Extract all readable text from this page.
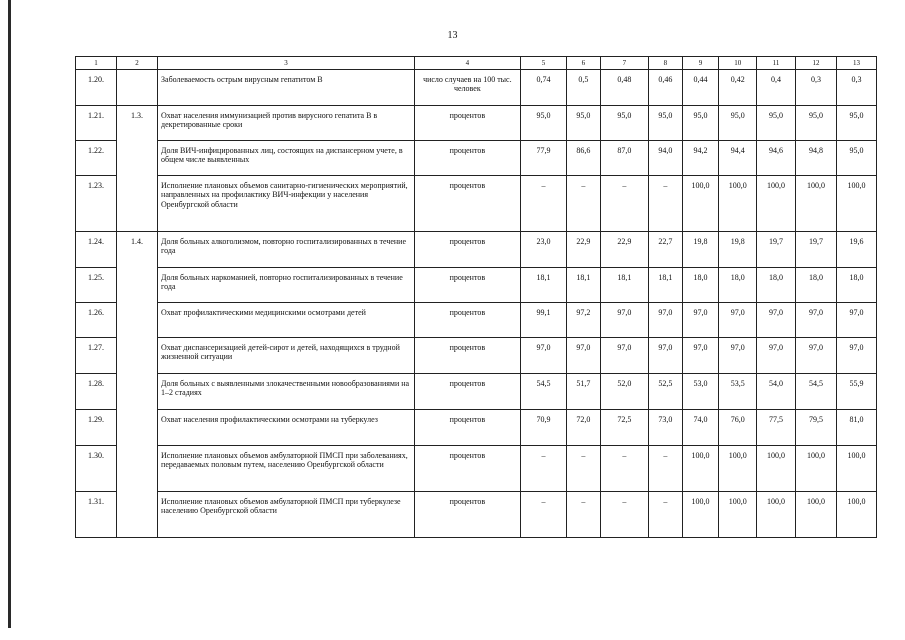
13
1	2	3	4	5	6	7	8	9	10	11	12	13
1.20.		Заболеваемость острым вирусным гепатитом В	число случаев на 100 тыс. человек	0,74	0,5	0,48	0,46	0,44	0,42	0,4	0,3	0,3
1.21.	1.3.	Охват населения иммунизацией против вирусного гепатита В в декретированные сроки	процентов	95,0	95,0	95,0	95,0	95,0	95,0	95,0	95,0	95,0
1.22.		Доля ВИЧ-инфицированных лиц, состоящих на диспансерном учете, в общем числе выявленных	процентов	77,9	86,6	87,0	94,0	94,2	94,4	94,6	94,8	95,0
1.23.		Исполнение плановых объемов санитарно-гигиенических мероприятий, направленных на профилактику ВИЧ-инфекции у населения Оренбургской области	процентов	–	–	–	–	100,0	100,0	100,0	100,0	100,0
1.24.	1.4.	Доля больных алкоголизмом, повторно госпитализированных в течение года	процентов	23,0	22,9	22,9	22,7	19,8	19,8	19,7	19,7	19,6
1.25.		Доля больных наркоманией, повторно госпитализированных в течение года	процентов	18,1	18,1	18,1	18,1	18,0	18,0	18,0	18,0	18,0
1.26.		Охват профилактическими медицинскими осмотрами детей	процентов	99,1	97,2	97,0	97,0	97,0	97,0	97,0	97,0	97,0
1.27.		Охват диспансеризацией детей-сирот и детей, находящихся в трудной жизненной ситуации	процентов	97,0	97,0	97,0	97,0	97,0	97,0	97,0	97,0	97,0
1.28.		Доля больных с выявленными злокачественными новообразованиями на 1–2 стадиях	процентов	54,5	51,7	52,0	52,5	53,0	53,5	54,0	54,5	55,9
1.29.		Охват населения профилактическими осмотрами на туберкулез	процентов	70,9	72,0	72,5	73,0	74,0	76,0	77,5	79,5	81,0
1.30.		Исполнение плановых объемов амбулаторной ПМСП при заболеваниях, передаваемых половым путем, населению Оренбургской области	процентов	–	–	–	–	100,0	100,0	100,0	100,0	100,0
1.31.		Исполнение плановых объемов амбулаторной ПМСП при туберкулезе населению Оренбургской области	процентов	–	–	–	–	100,0	100,0	100,0	100,0	100,0
